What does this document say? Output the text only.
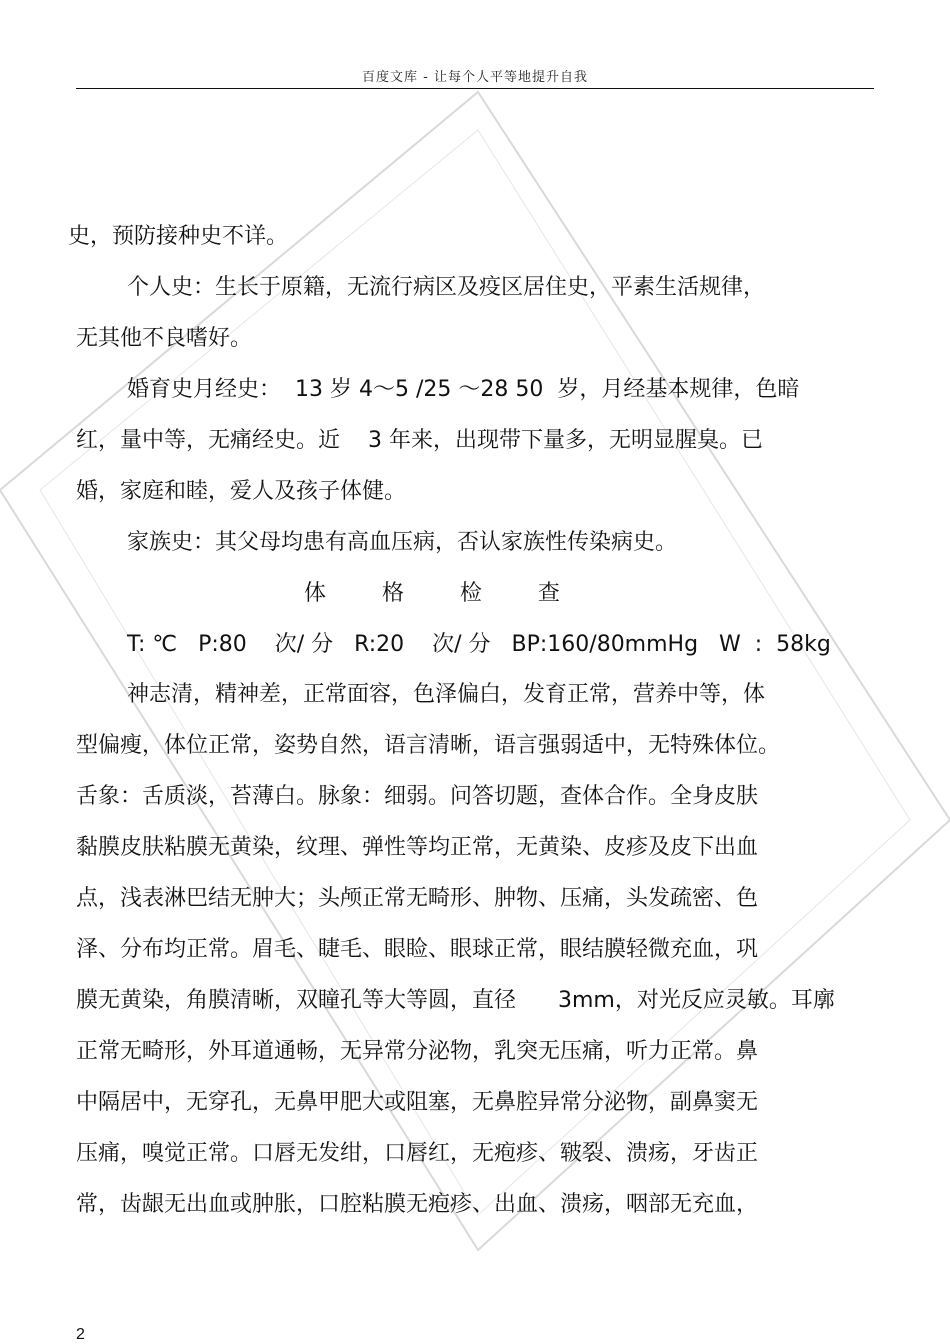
百度文库 - 让每个人平等地提升自我
史，预防接种史不详。
个人史：生长于原籍，无流行病区及疫区居住史，平素生活规律，
无其他不良嗜好。
婚育史月经史：  13 岁 4～5 /25 ～28 50  岁，月经基本规律，色暗
红，量中等，无痛经史。近    3 年来，出现带下量多，无明显腥臭。已
婚，家庭和睦，爱人及孩子体健。
家族史：其父母均患有高血压病，否认家族性传染病史。
体        格        检        查
T: ℃   P:80    次/ 分   R:20    次/ 分   BP:160/80mmHg   W  :  58kg
神志清，精神差，正常面容，色泽偏白，发育正常，营养中等，体
型偏瘦，体位正常，姿势自然，语言清晰，语言强弱适中，无特殊体位。
舌象：舌质淡，苔薄白。脉象：细弱。问答切题，查体合作。全身皮肤
黏膜皮肤粘膜无黄染，纹理、弹性等均正常，无黄染、皮疹及皮下出血
点，浅表淋巴结无肿大；头颅正常无畸形、肿物、压痛，头发疏密、色
泽、分布均正常。眉毛、睫毛、眼睑、眼球正常，眼结膜轻微充血，巩
膜无黄染，角膜清晰，双瞳孔等大等圆，直径      3mm，对光反应灵敏。耳廓
正常无畸形，外耳道通畅，无异常分泌物，乳突无压痛，听力正常。鼻
中隔居中，无穿孔，无鼻甲肥大或阻塞，无鼻腔异常分泌物，副鼻窦无
压痛，嗅觉正常。口唇无发绀，口唇红，无疱疹、皲裂、溃疡，牙齿正
常，齿龈无出血或肿胀，口腔粘膜无疱疹、出血、溃疡，咽部无充血，
2
